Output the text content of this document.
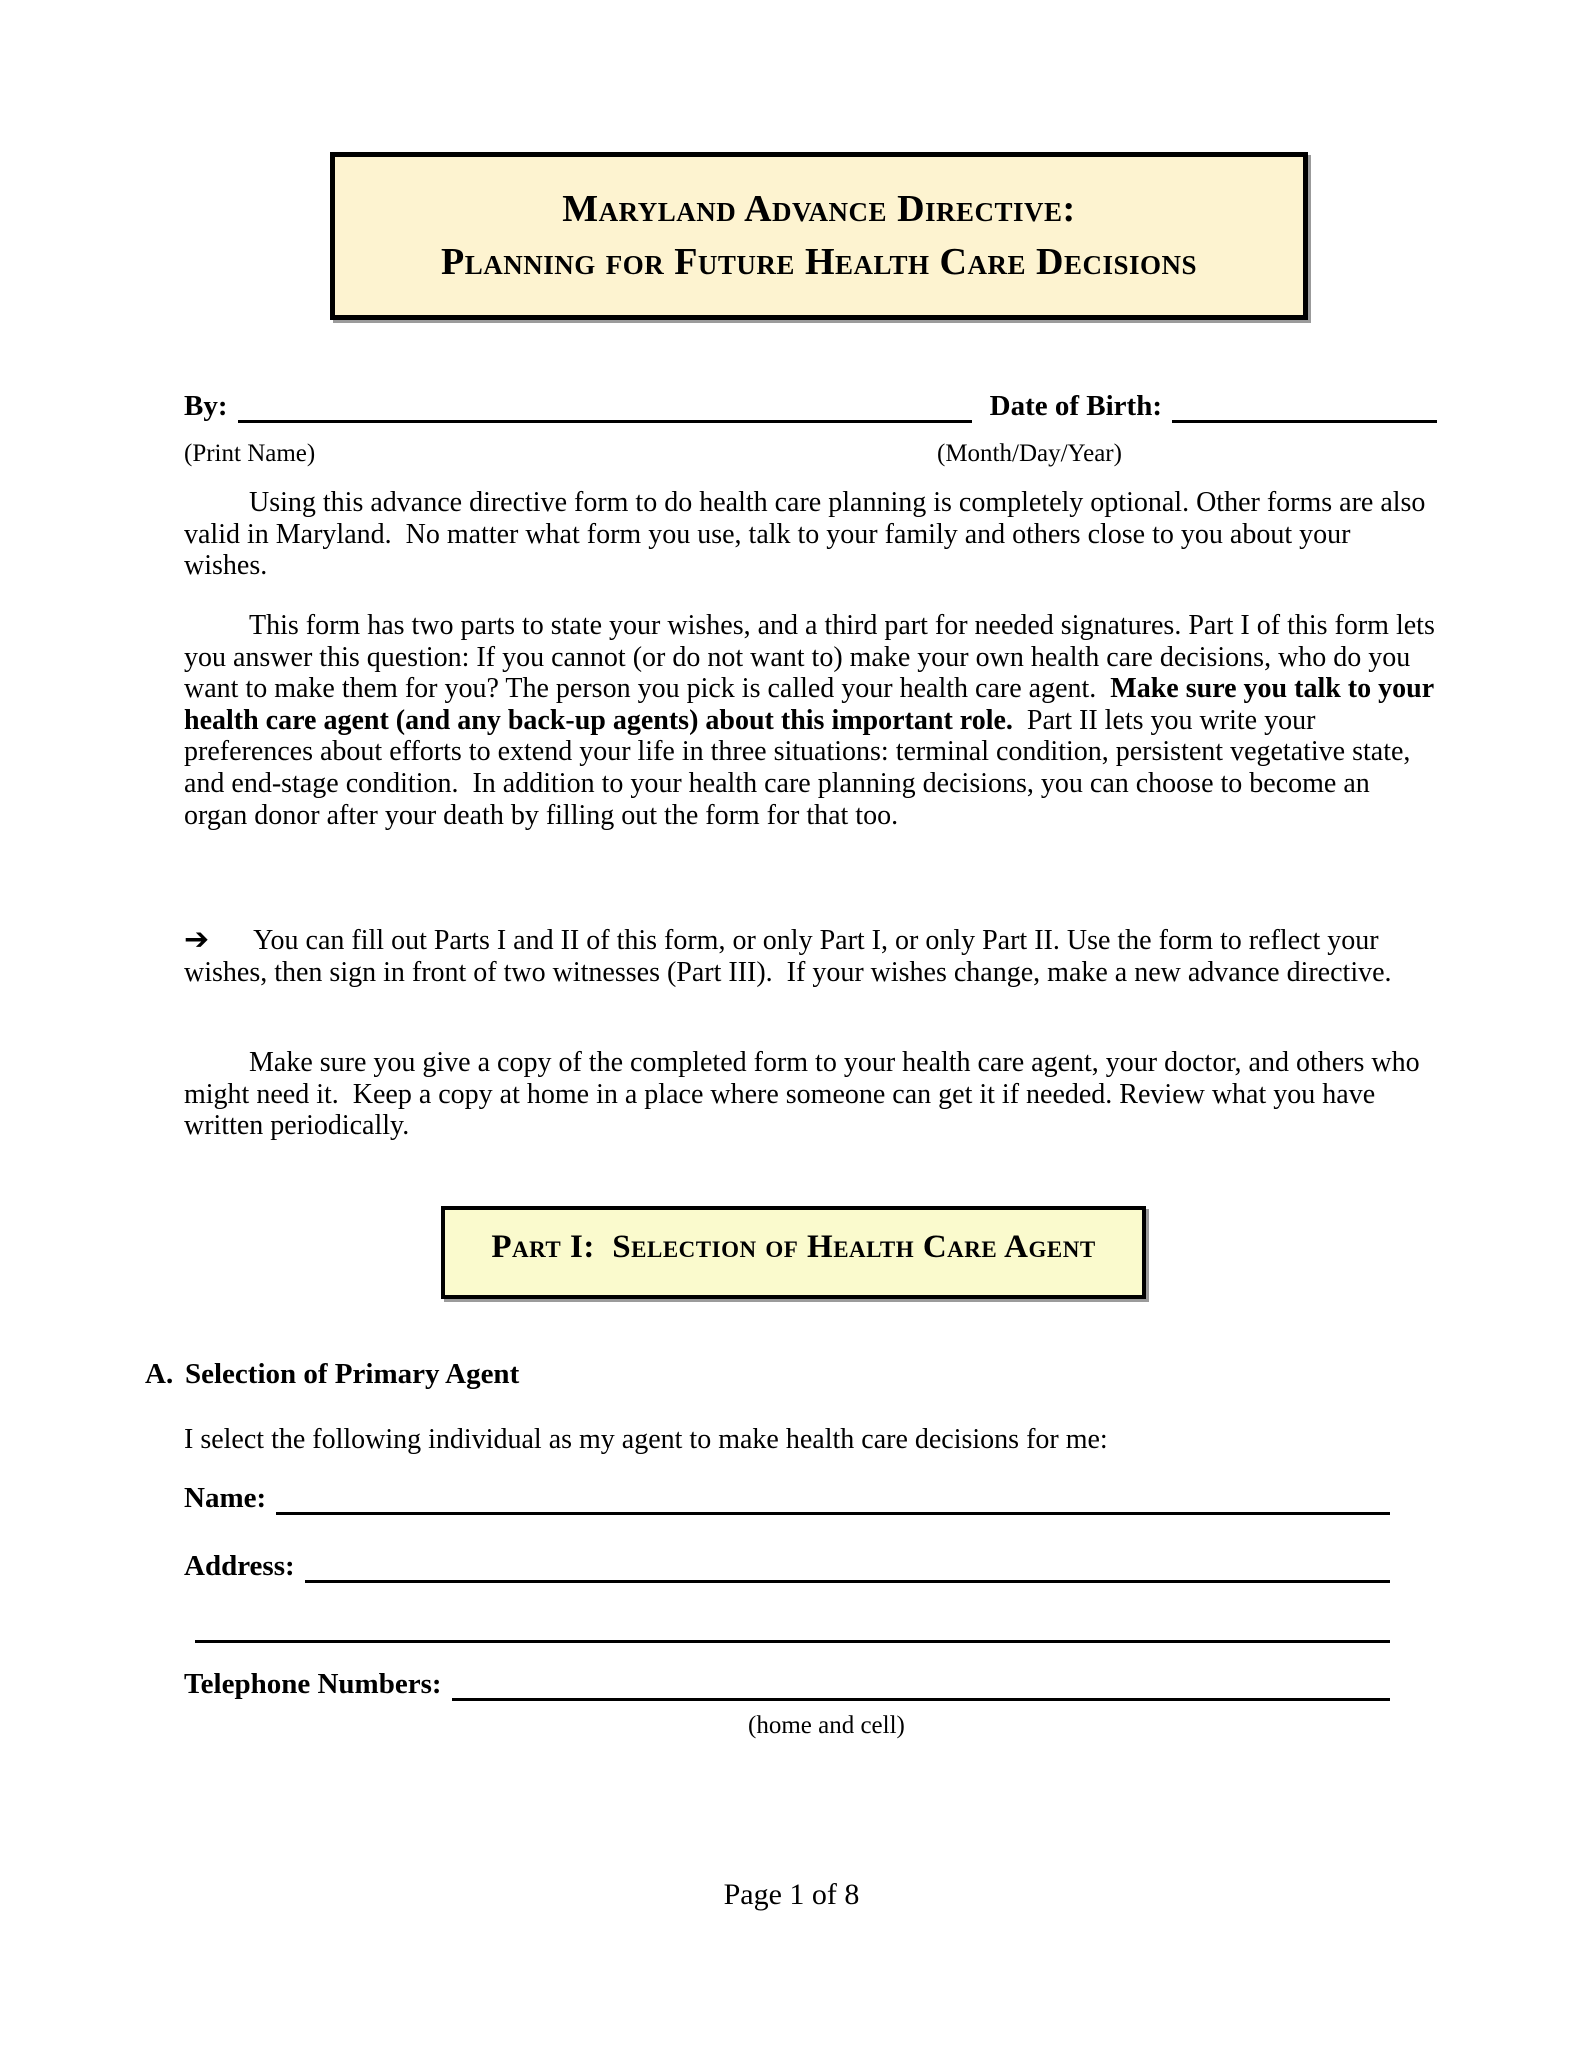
Maryland Advance Directive:
Planning for Future Health Care Decisions
By:	Date of Birth:
(Print Name)	(Month/Day/Year)
Using this advance directive form to do health care planning is completely optional. Other forms are also valid in Maryland.  No matter what form you use, talk to your family and others close to you about your wishes.
This form has two parts to state your wishes, and a third part for needed signatures. Part I of this form lets you answer this question: If you cannot (or do not want to) make your own health care decisions, who do you want to make them for you? The person you pick is called your health care agent.  Make sure you talk to your health care agent (and any back-up agents) about this important role.  Part II lets you write your preferences about efforts to extend your life in three situations: terminal condition, persistent vegetative state, and end-stage condition.  In addition to your health care planning decisions, you can choose to become an organ donor after your death by filling out the form for that too.
➔ You can fill out Parts I and II of this form, or only Part I, or only Part II. Use the form to reflect your wishes, then sign in front of two witnesses (Part III).  If your wishes change, make a new advance directive.
Make sure you give a copy of the completed form to your health care agent, your doctor, and others who might need it.  Keep a copy at home in a place where someone can get it if needed. Review what you have written periodically.
Part I:  Selection of Health Care Agent
A. Selection of Primary Agent
I select the following individual as my agent to make health care decisions for me:
Name:
Address:
Telephone Numbers:
(home and cell)
Page 1 of 8
